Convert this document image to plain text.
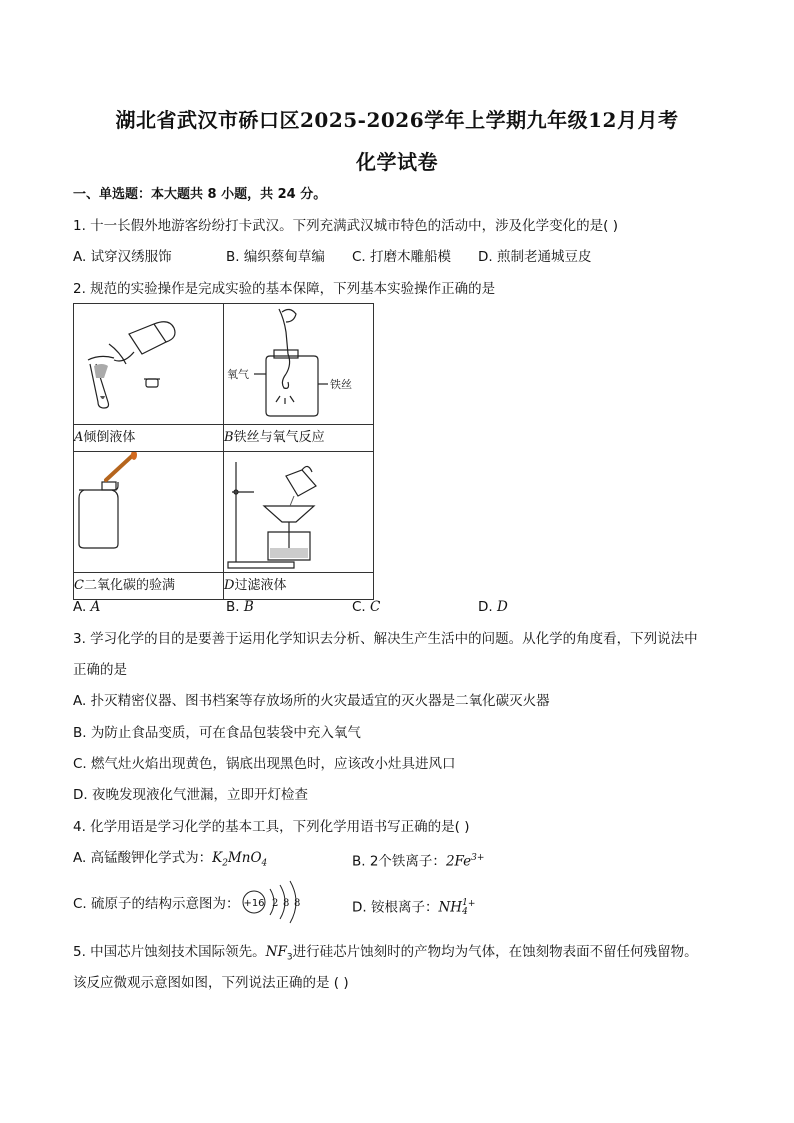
湖北省武汉市硚口区2025-2026学年上学期九年级12月月考
化学试卷
一、单选题：本大题共 8 小题，共 24 分。
1. 十一长假外地游客纷纷打卡武汉。下列充满武汉城市特色的活动中，涉及化学变化的是( )
A. 试穿汉绣服饰	B. 编织蔡甸草编 C. 打磨木雕船模 D. 煎制老通城豆皮
2. 规范的实验操作是完成实验的基本保障，下列基本实验操作正确的是

氧气
铁丝

A倾倒液体	B铁丝与氧气反应

C二氧化碳的验满	D过滤液体
A. A	B. B	C. C	D. D
3. 学习化学的目的是要善于运用化学知识去分析、解决生产生活中的问题。从化学的角度看，下列说法中
正确的是
A. 扑灭精密仪器、图书档案等存放场所的火灾最适宜的灭火器是二氧化碳灭火器
B. 为防止食品变质，可在食品包装袋中充入氧气
C. 燃气灶火焰出现黄色，锅底出现黑色时，应该改小灶具进风口
D. 夜晚发现液化气泄漏，立即开灯检查
4. 化学用语是学习化学的基本工具，下列化学用语书写正确的是( )
A. 高锰酸钾化学式为：$K_2MnO_4$	B. 2个铁离子：$2Fe^{3+}$
C. 硫原子的结构示意图为： +16 2 8 8	D. 铵根离子：NH 1
4
+
5. 中国芯片蚀刻技术国际领先。$NF_3$进行硅芯片蚀刻时的产物均为气体，在蚀刻物表面不留任何残留物。
该反应微观示意图如图，下列说法正确的是 ( )
